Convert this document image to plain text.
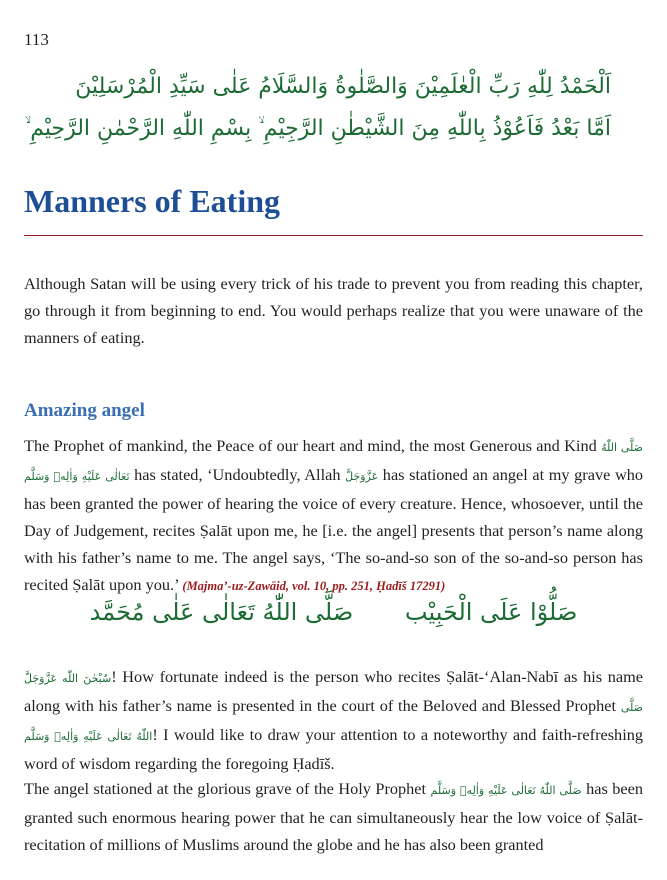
113
اَلْحَمْدُ لِلّٰهِ رَبِّ الْعٰلَمِيْنَ وَالصَّلٰوةُ وَالسَّلَامُ عَلٰى سَيِّدِ الْمُرْسَلِيْنَ
اَمَّا بَعْدُ فَاَعُوْذُ بِاللّٰهِ مِنَ الشَّيْطٰنِ الرَّجِيْمِ ۙ بِسْمِ اللّٰهِ الرَّحْمٰنِ الرَّحِيْمِ ۙ
Manners of Eating

Although Satan will be using every trick of his trade to prevent you from reading this chapter, go through it from beginning to end. You would perhaps realize that you were unaware of the manners of eating.

Amazing angel

The Prophet of mankind, the Peace of our heart and mind, the most Generous and Kind صَلَّى اللّٰهُ تَعَالٰى عَلَيْهِ وَاٰلِهٖ وَسَلَّم has stated, ‘Undoubtedly, Allah عَزَّوَجَلَّ has stationed an angel at my grave who has been granted the power of hearing the voice of every creature. Hence, whosoever, until the Day of Judgement, recites Ṣalāt upon me, he [i.e. the angel] presents that person’s name along with his father’s name to me. The angel says, ‘The so-and-so son of the so-and-so person has recited Ṣalāt upon you.’ (Majma’-uz-Zawāid, vol. 10, pp. 251, Ḥadīš 17291)

صَلُّوْا عَلَى الْحَبِيْب صَلَّى اللّٰهُ تَعَالٰى عَلٰى مُحَمَّد

سُبْحٰنَ اللّٰه عَزَّوَجَلَّ! How fortunate indeed is the person who recites Ṣalāt-‘Alan-Nabī as his name along with his father’s name is presented in the court of the Beloved and Blessed Prophet صَلَّى اللّٰهُ تَعَالٰى عَلَيْهِ وَاٰلِهٖ وَسَلَّم! I would like to draw your attention to a noteworthy and faith-refreshing word of wisdom regarding the foregoing Ḥadīš.

The angel stationed at the glorious grave of the Holy Prophet صَلَّى اللّٰهُ تَعَالٰى عَلَيْهِ وَاٰلِهٖ وَسَلَّم has been granted such enormous hearing power that he can simultaneously hear the low voice of Ṣalāt-recitation of millions of Muslims around the globe and he has also been granted
